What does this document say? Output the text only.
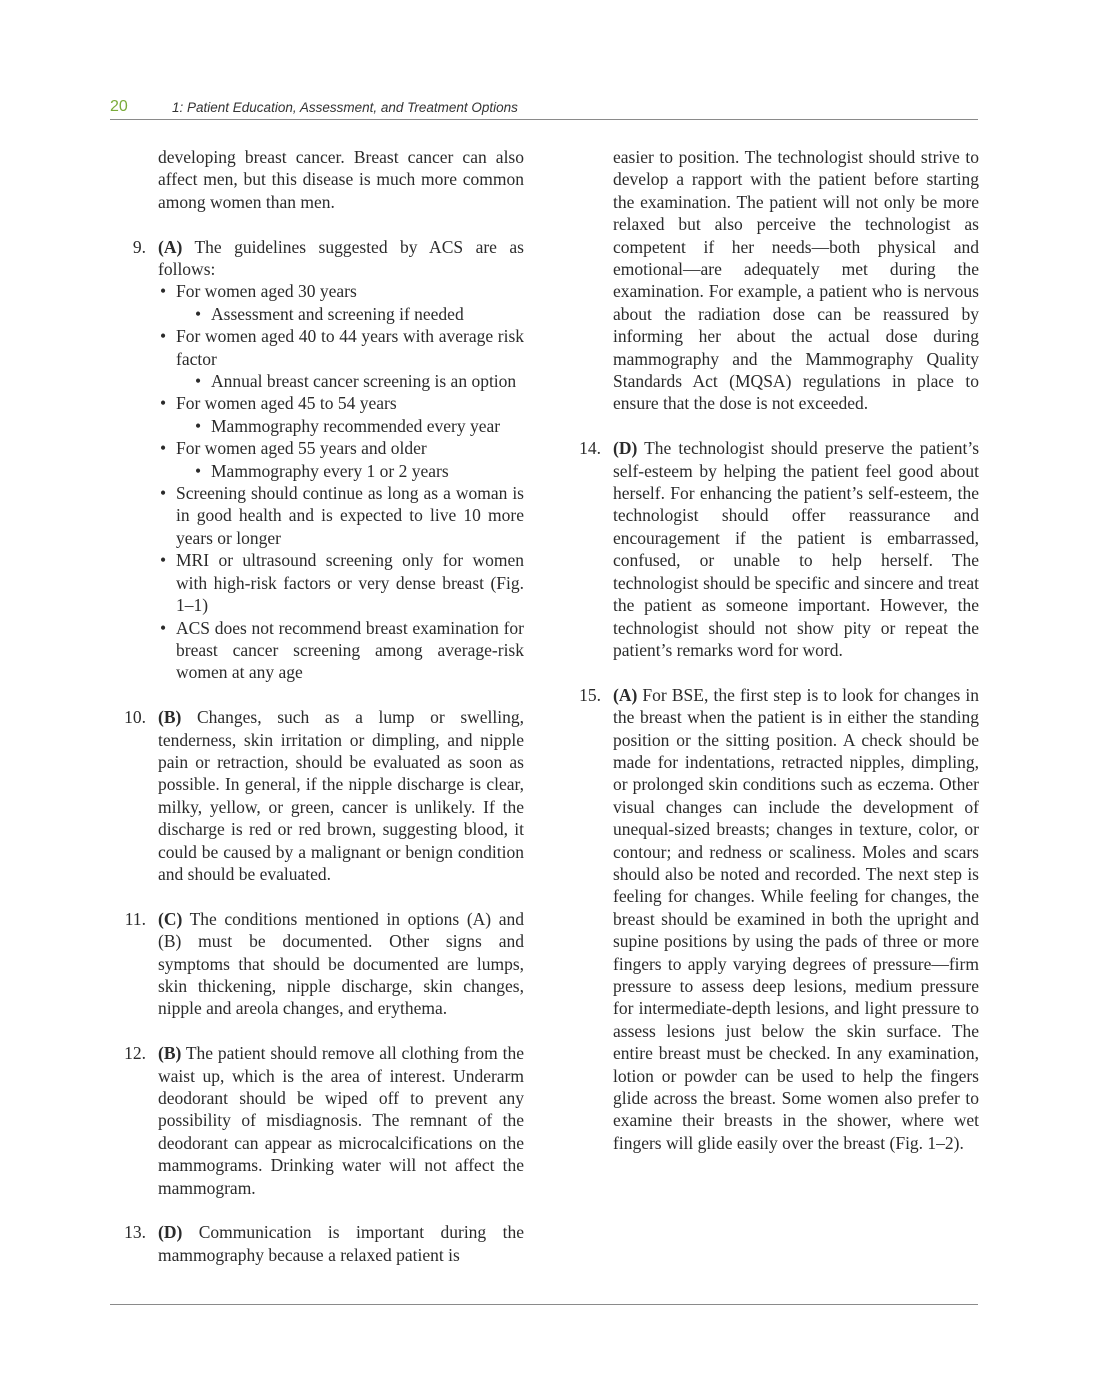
20	1: Patient Education, Assessment, and Treatment Options

developing breast cancer. Breast cancer can also affect men, but this disease is much more common among women than men.

9. (A) The guidelines suggested by ACS are as follows:
• For women aged 30 years
• Assessment and screening if needed
• For women aged 40 to 44 years with average risk factor
• Annual breast cancer screening is an option
• For women aged 45 to 54 years
• Mammography recommended every year
• For women aged 55 years and older
• Mammography every 1 or 2 years
• Screening should continue as long as a woman is in good health and is expected to live 10 more years or longer
• MRI or ultrasound screening only for women with high-risk factors or very dense breast (Fig. 1–1)
• ACS does not recommend breast examination for breast cancer screening among average-risk women at any age
10. (B) Changes, such as a lump or swelling, tenderness, skin irritation or dimpling, and nipple pain or retraction, should be evaluated as soon as possible. In general, if the nipple discharge is clear, milky, yellow, or green, cancer is unlikely. If the discharge is red or red brown, suggesting blood, it could be caused by a malignant or benign condition and should be evaluated.
11. (C) The conditions mentioned in options (A) and (B) must be documented. Other signs and symptoms that should be documented are lumps, skin thickening, nipple discharge, skin changes, nipple and areola changes, and erythema.
12. (B) The patient should remove all clothing from the waist up, which is the area of interest. Underarm deodorant should be wiped off to prevent any possibility of misdiagnosis. The remnant of the deodorant can appear as microcalcifications on the mammograms. Drinking water will not affect the mammogram.
13. (D) Communication is important during the mammography because a relaxed patient is

easier to position. The technologist should strive to develop a rapport with the patient before starting the examination. The patient will not only be more relaxed but also perceive the technologist as competent if her needs—both physical and emotional—are adequately met during the examination. For example, a patient who is nervous about the radiation dose can be reassured by informing her about the actual dose during mammography and the Mammography Quality Standards Act (MQSA) regulations in place to ensure that the dose is not exceeded.

14. (D) The technologist should preserve the patient’s self-esteem by helping the patient feel good about herself. For enhancing the patient’s self-esteem, the technologist should offer reassurance and encouragement if the patient is embarrassed, confused, or unable to help herself. The technologist should be specific and sincere and treat the patient as someone important. However, the technologist should not show pity or repeat the patient’s remarks word for word.
15. (A) For BSE, the first step is to look for changes in the breast when the patient is in either the standing position or the sitting position. A check should be made for indentations, retracted nipples, dimpling, or prolonged skin conditions such as eczema. Other visual changes can include the development of unequal-sized breasts; changes in texture, color, or contour; and redness or scaliness. Moles and scars should also be noted and recorded. The next step is feeling for changes. While feeling for changes, the breast should be examined in both the upright and supine positions by using the pads of three or more fingers to apply varying degrees of pressure—firm pressure to assess deep lesions, medium pressure for intermediate-depth lesions, and light pressure to assess lesions just below the skin surface. The entire breast must be checked. In any examination, lotion or powder can be used to help the fingers glide across the breast. Some women also prefer to examine their breasts in the shower, where wet fingers will glide easily over the breast (Fig. 1–2).
